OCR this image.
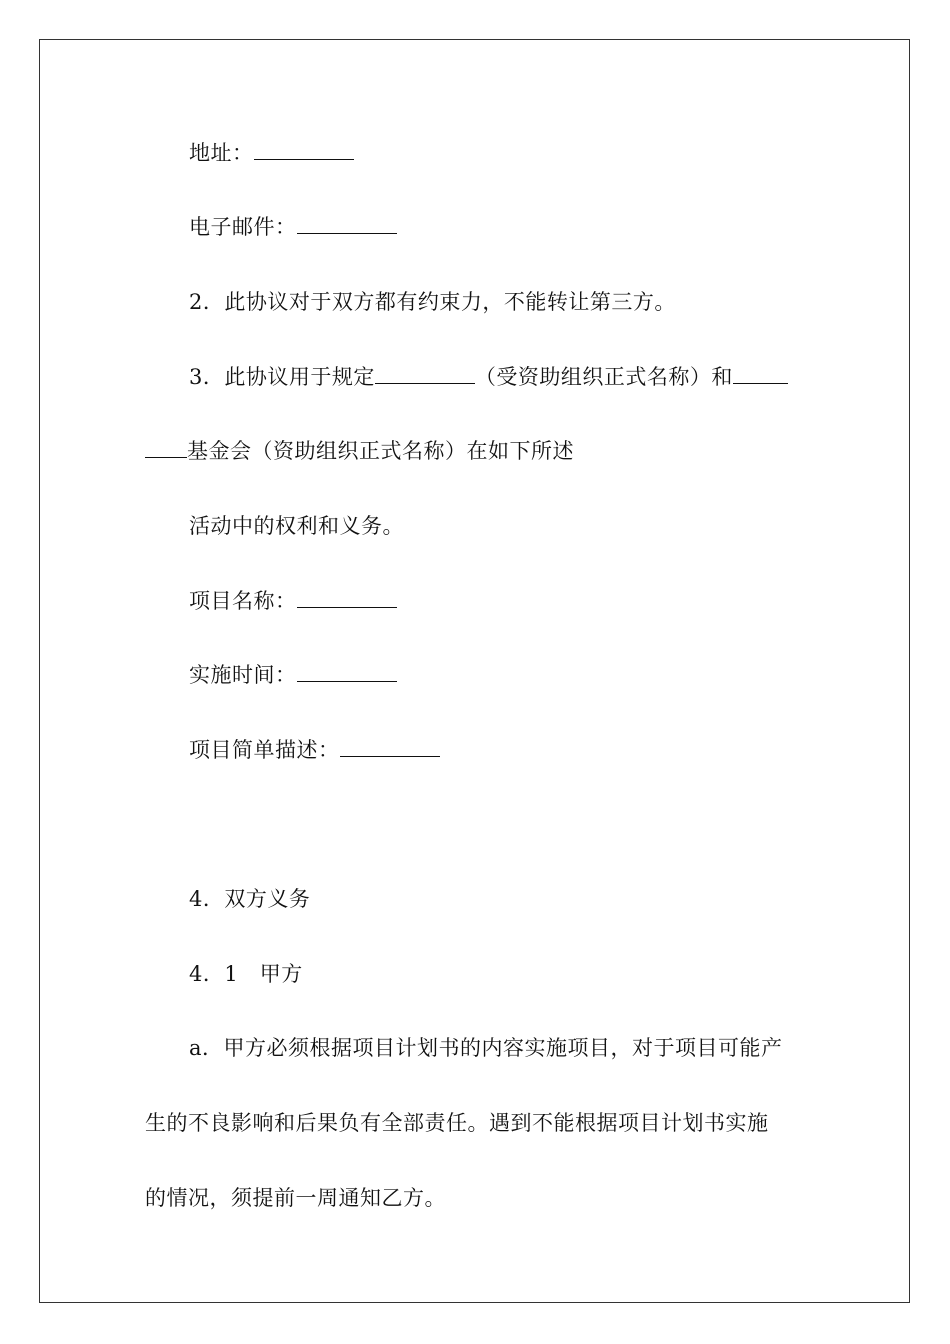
地址：
电子邮件：
2．此协议对于双方都有约束力，不能转让第三方。
3．此协议用于规定	（受资助组织正式名称）和
基金会（资助组织正式名称）在如下所述
活动中的权利和义务。
项目名称：
实施时间：
项目简单描述：
4．双方义务
4．1　甲方
a．甲方必须根据项目计划书的内容实施项目，对于项目可能产
生的不良影响和后果负有全部责任。遇到不能根据项目计划书实施
的情况，须提前一周通知乙方。
